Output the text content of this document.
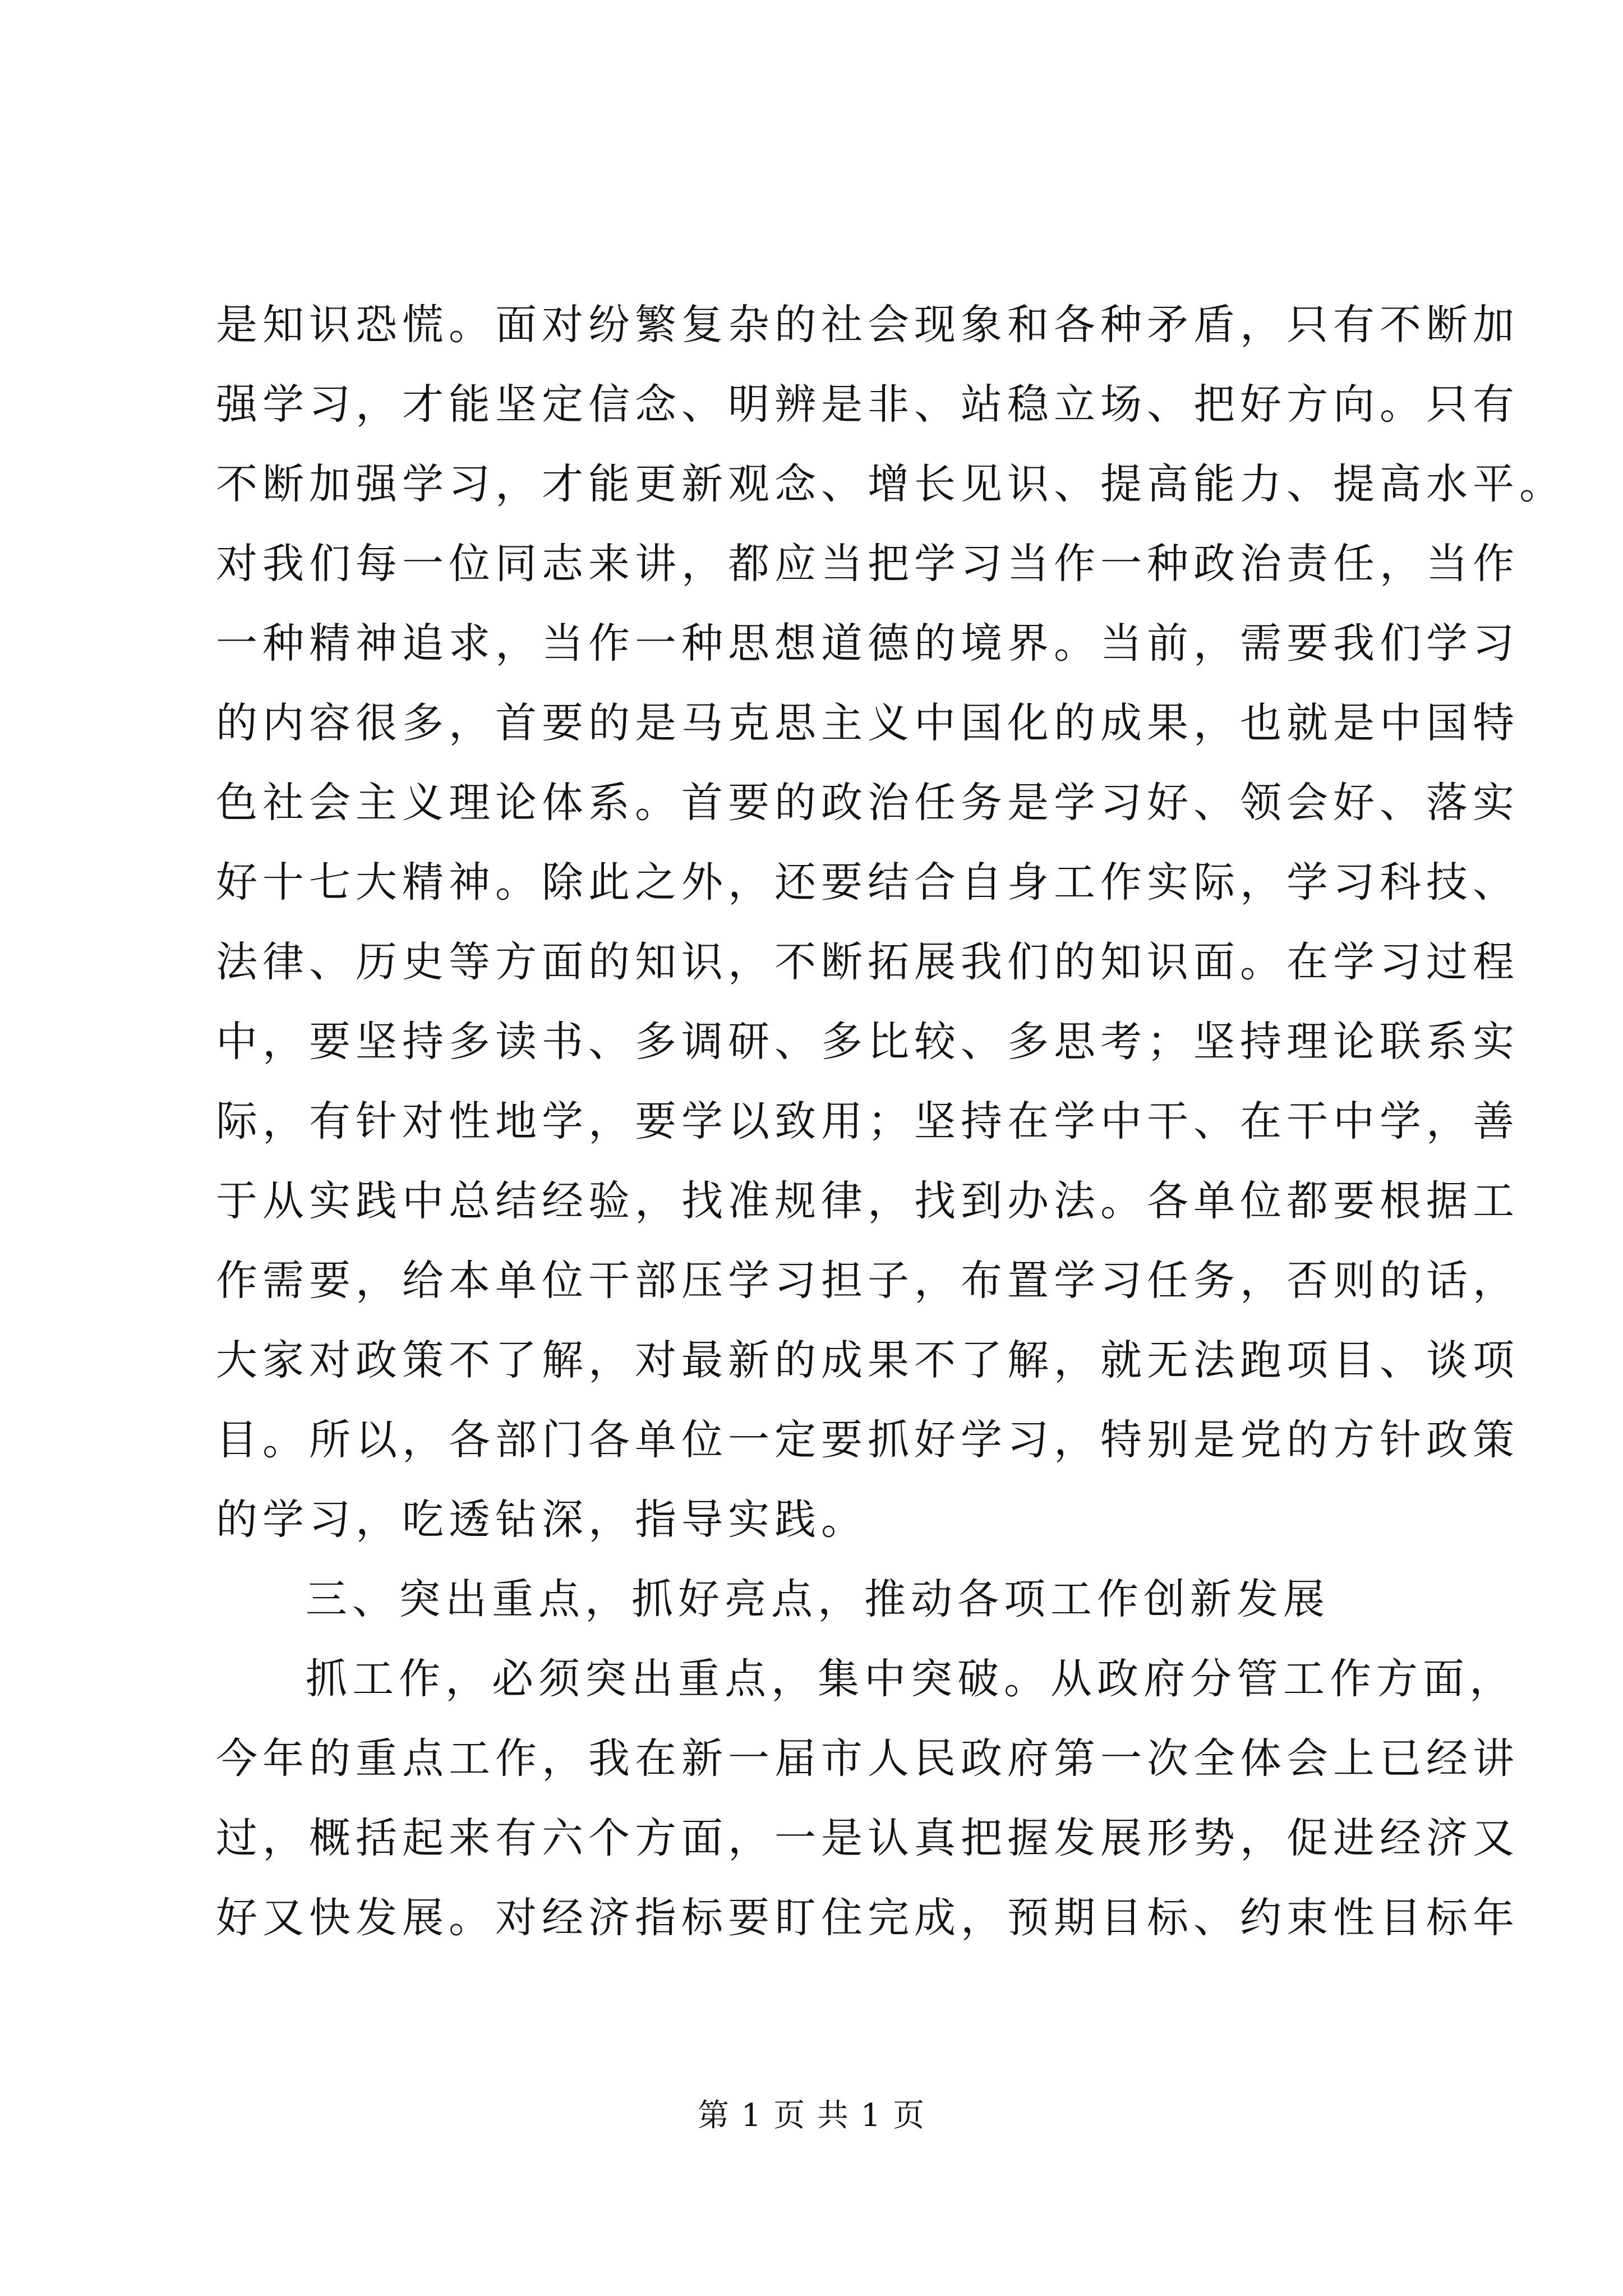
是知识恐慌。面对纷繁复杂的社会现象和各种矛盾，只有不断加
强学习，才能坚定信念、明辨是非、站稳立场、把好方向。只有
不断加强学习，才能更新观念、增长见识、提高能力、提高水平。
对我们每一位同志来讲，都应当把学习当作一种政治责任，当作
一种精神追求，当作一种思想道德的境界。当前，需要我们学习
的内容很多，首要的是马克思主义中国化的成果，也就是中国特
色社会主义理论体系。首要的政治任务是学习好、领会好、落实
好十七大精神。除此之外，还要结合自身工作实际，学习科技、
法律、历史等方面的知识，不断拓展我们的知识面。在学习过程
中，要坚持多读书、多调研、多比较、多思考；坚持理论联系实
际，有针对性地学，要学以致用；坚持在学中干、在干中学，善
于从实践中总结经验，找准规律，找到办法。各单位都要根据工
作需要，给本单位干部压学习担子，布置学习任务，否则的话，
大家对政策不了解，对最新的成果不了解，就无法跑项目、谈项
目。所以，各部门各单位一定要抓好学习，特别是党的方针政策
的学习，吃透钻深，指导实践。
三、突出重点，抓好亮点，推动各项工作创新发展
抓工作，必须突出重点，集中突破。从政府分管工作方面，
今年的重点工作，我在新一届市人民政府第一次全体会上已经讲
过，概括起来有六个方面，一是认真把握发展形势，促进经济又
好又快发展。对经济指标要盯住完成，预期目标、约束性目标年
第 1 页 共 1 页
